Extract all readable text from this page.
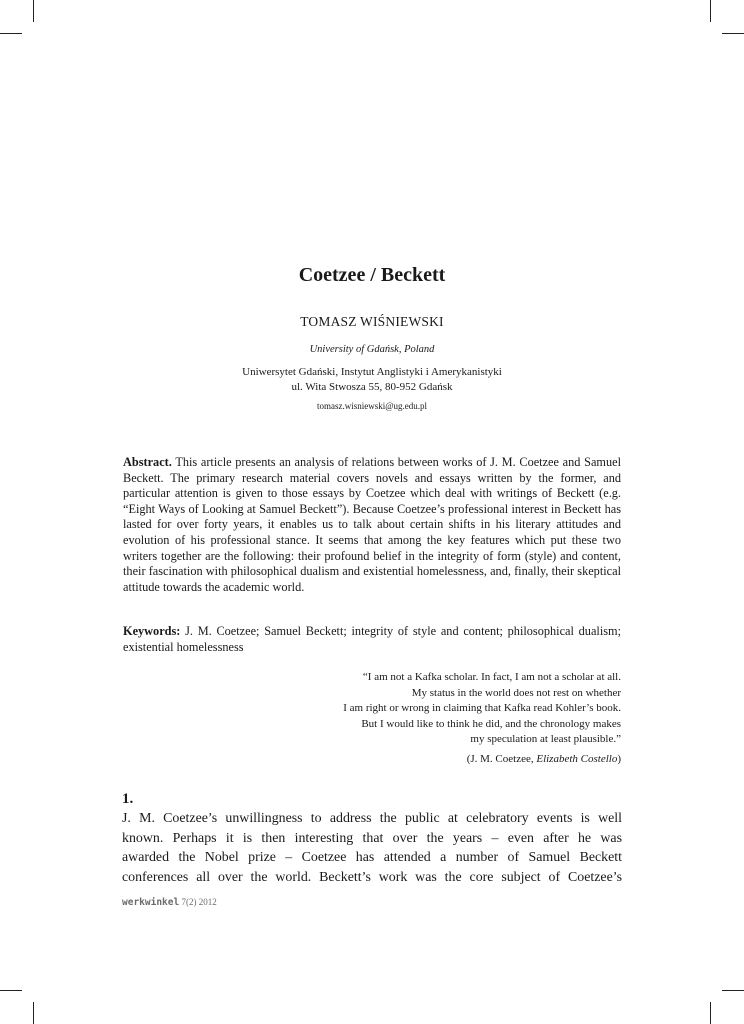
Coetzee / Beckett
TOMASZ WIŚNIEWSKI
University of Gdańsk, Poland
Uniwersytet Gdański, Instytut Anglistyki i Amerykanistyki
ul. Wita Stwosza 55, 80-952 Gdańsk
tomasz.wisniewski@ug.edu.pl

Abstract. This article presents an analysis of relations between works of J. M. Coetzee and Samuel Beckett. The primary research material covers novels and essays written by the former, and particular attention is given to those essays by Coetzee which deal with writings of Beckett (e.g. “Eight Ways of Looking at Samuel Beckett”). Because Coetzee’s professional interest in Beckett has lasted for over forty years, it enables us to talk about certain shifts in his literary attitudes and evolution of his professional stance. It seems that among the key features which put these two writers together are the following: their profound belief in the integrity of form (style) and content, their fascination with philosophical dualism and existential homelessness, and, finally, their skeptical attitude towards the academic world.

Keywords: J. M. Coetzee; Samuel Beckett; integrity of style and content; philosophical dualism; existential homelessness

“I am not a Kafka scholar. In fact, I am not a scholar at all.
My status in the world does not rest on whether
I am right or wrong in claiming that Kafka read Kohler’s book.
But I would like to think he did, and the chronology makes
my speculation at least plausible.”
(J. M. Coetzee, Elizabeth Costello)
1.
J. M. Coetzee’s unwillingness to address the public at celebratory events is well
known. Perhaps it is then interesting that over the years – even after he was
awarded the Nobel prize – Coetzee has attended a number of Samuel Beckett
conferences all over the world. Beckett’s work was the core subject of Coetzee’s
werkwinkel 7(2) 2012
